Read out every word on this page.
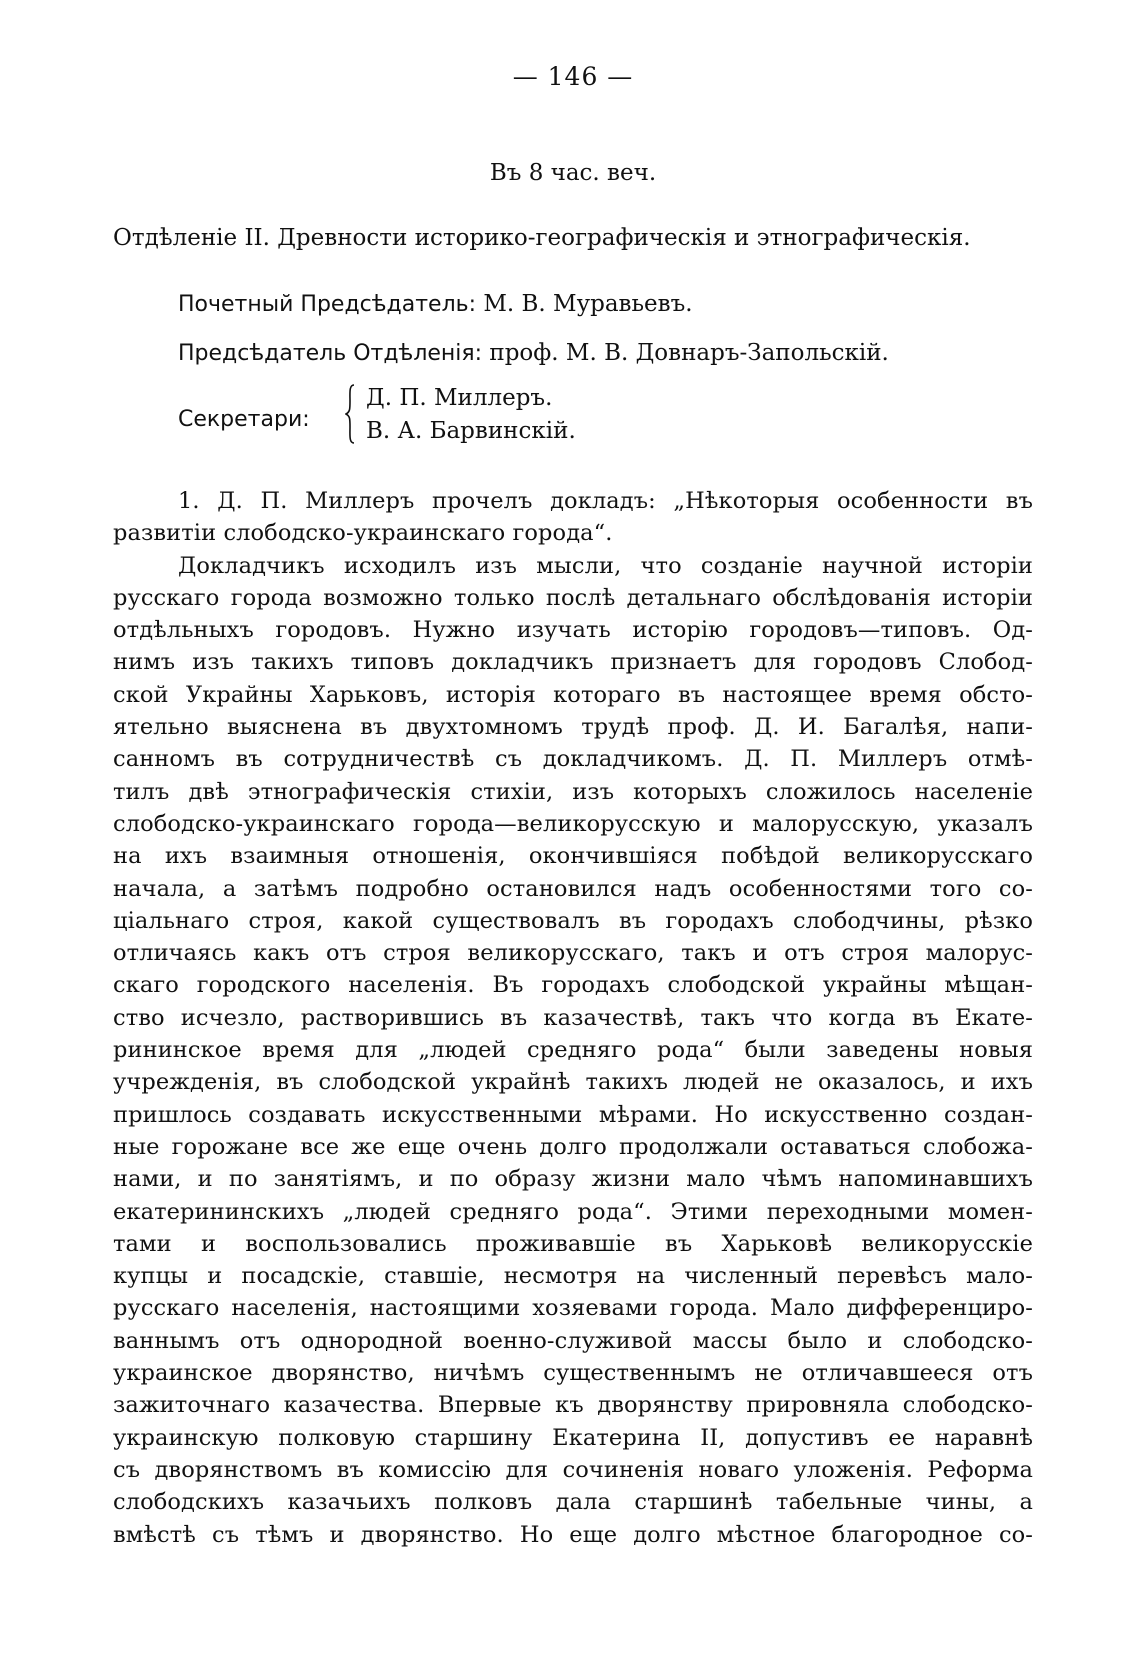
— 146 —
Въ 8 час. веч.
Отдѣленіе II. Древности историко-географическія и этнографическія.
Почетный Предсѣдатель: М. В. Муравьевъ.
Предсѣдатель Отдѣленія: проф. М. В. Довнаръ-Запольскій.
Секретари:
Д. П. Миллеръ.
В. А. Барвинскій.
1. Д. П. Миллеръ прочелъ докладъ: „Нѣкоторыя особенности въ
развитіи слободско-украинскаго города“.
Докладчикъ исходилъ изъ мысли, что созданіе научной исторіи
русскаго города возможно только послѣ детальнаго обслѣдованія исторіи
отдѣльныхъ городовъ. Нужно изучать исторію городовъ—типовъ. Од-
нимъ изъ такихъ типовъ докладчикъ признаетъ для городовъ Слобод-
ской Украйны Харьковъ, исторія котораго въ настоящее время обсто-
ятельно выяснена въ двухтомномъ трудѣ проф. Д. И. Багалѣя, напи-
санномъ въ сотрудничествѣ съ докладчикомъ. Д. П. Миллеръ отмѣ-
тилъ двѣ этнографическія стихіи, изъ которыхъ сложилось населеніе
слободско-украинскаго города—великорусскую и малорусскую, указалъ
на ихъ взаимныя отношенія, окончившіяся побѣдой великорусскаго
начала, а затѣмъ подробно остановился надъ особенностями того со-
ціальнаго строя, какой существовалъ въ городахъ слободчины, рѣзко
отличаясь какъ отъ строя великорусскаго, такъ и отъ строя малорус-
скаго городского населенія. Въ городахъ слободской украйны мѣщан-
ство исчезло, растворившись въ казачествѣ, такъ что когда въ Екате-
рининское время для „людей средняго рода“ были заведены новыя
учрежденія, въ слободской украйнѣ такихъ людей не оказалось, и ихъ
пришлось создавать искусственными мѣрами. Но искусственно создан-
ные горожане все же еще очень долго продолжали оставаться слобожа-
нами, и по занятіямъ, и по образу жизни мало чѣмъ напоминавшихъ
екатерининскихъ „людей средняго рода“. Этими переходными момен-
тами и воспользовались проживавшіе въ Харьковѣ великорусскіе
купцы и посадскіе, ставшіе, несмотря на численный перевѣсъ мало-
русскаго населенія, настоящими хозяевами города. Мало дифференциро-
ваннымъ отъ однородной военно-служивой массы было и слободско-
украинское дворянство, ничѣмъ существеннымъ не отличавшееся отъ
зажиточнаго казачества. Впервые къ дворянству прировняла слободско-
украинскую полковую старшину Екатерина II, допустивъ ее наравнѣ
съ дворянствомъ въ комиссію для сочиненія новаго уложенія. Реформа
слободскихъ казачьихъ полковъ дала старшинѣ табельные чины, а
вмѣстѣ съ тѣмъ и дворянство. Но еще долго мѣстное благородное со-
